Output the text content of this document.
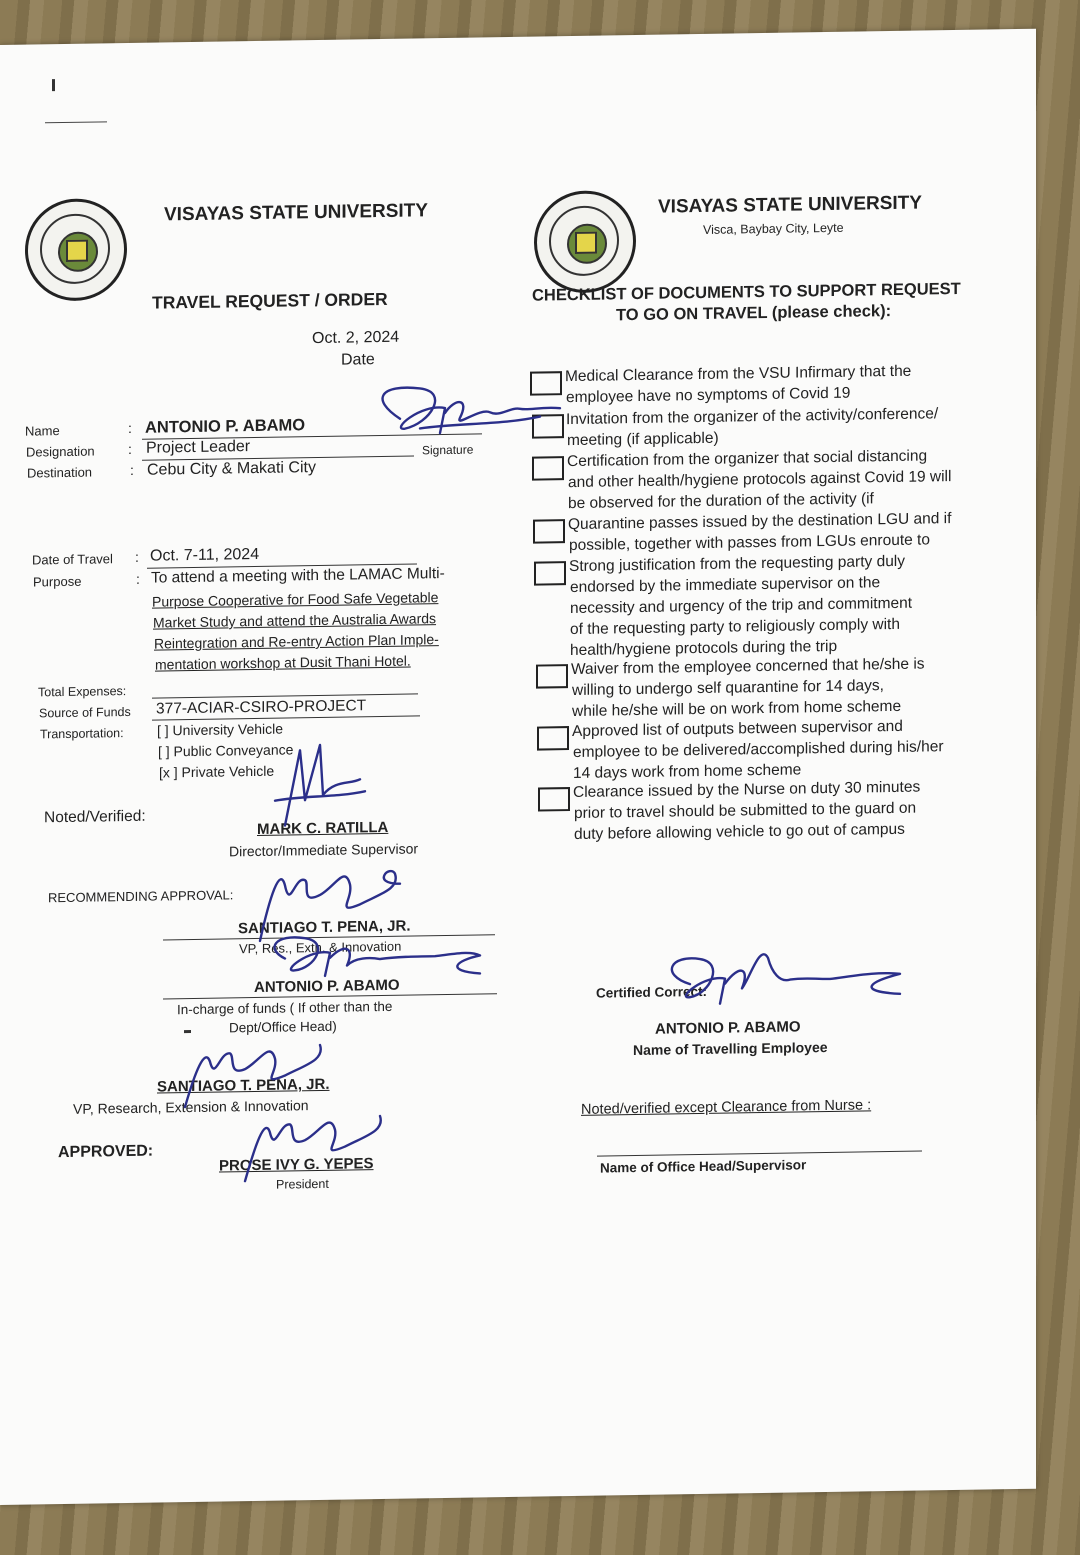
VISAYAS STATE UNIVERSITY
TRAVEL REQUEST / ORDER
Oct. 2, 2024
Date
Name	: ANTONIO P. ABAMO
Designation : Project Leader	Signature
Destination	: Cebu City & Makati City
Date of Travel : Oct. 7-11, 2024
Purpose	: To attend a meeting with the LAMAC Multi-
Purpose Cooperative for Food Safe Vegetable
Market Study and attend the Australia Awards
Reintegration and Re-entry Action Plan Imple-
mentation workshop at Dusit Thani Hotel.
Total Expenses:
Source of Funds 377-ACIAR-CSIRO-PROJECT
Transportation: [ ] University Vehicle
[ ] Public Conveyance
[x ] Private Vehicle
Noted/Verified:
MARK C. RATILLA
Director/Immediate Supervisor
RECOMMENDING APPROVAL:
SANTIAGO T. PENA, JR.
VP, Res., Extn. & Innovation
ANTONIO P. ABAMO
In-charge of funds ( If other than the
Dept/Office Head)
SANTIAGO T. PENA, JR.
VP, Research, Extension & Innovation
APPROVED:
PROSE IVY G. YEPES
President
VISAYAS STATE UNIVERSITY
Visca, Baybay City, Leyte
CHECKLIST OF DOCUMENTS TO SUPPORT REQUEST
TO GO ON TRAVEL (please check):
Medical Clearance from the VSU Infirmary that the
employee have no symptoms of Covid 19
Invitation from the organizer of the activity/conference/
meeting (if applicable)
Certification from the organizer that social distancing
and other health/hygiene protocols against Covid 19 will
be observed for the duration of the activity (if
Quarantine passes issued by the destination LGU and if
possible, together with passes from LGUs enroute to
Strong justification from the requesting party duly
endorsed by the immediate supervisor on the
necessity and urgency of the trip and commitment
of the requesting party to religiously comply with
health/hygiene protocols during the trip
Waiver from the employee concerned that he/she is
willing to undergo self quarantine for 14 days,
while he/she will be on work from home scheme
Approved list of outputs between supervisor and
employee to be delivered/accomplished during his/her
14 days work from home scheme
Clearance issued by the Nurse on duty 30 minutes
prior to travel should be submitted to the guard on
duty before allowing vehicle to go out of campus
Certified Correct:
ANTONIO P. ABAMO
Name of Travelling Employee
Noted/verified except Clearance from Nurse :
Name of Office Head/Supervisor
